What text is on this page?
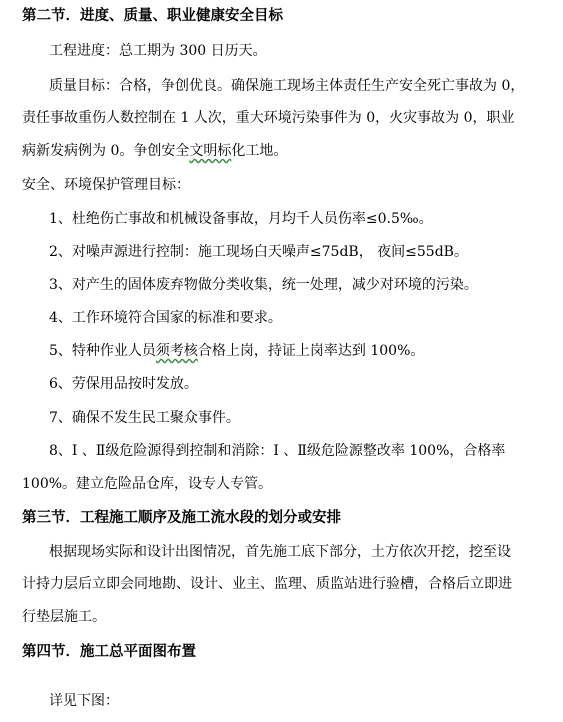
第二节．进度、质量、职业健康安全目标
工程进度：总工期为 300 日历天。
质量目标：合格，争创优良。确保施工现场主体责任生产安全死亡事故为 0，
责任事故重伤人数控制在 1 人次，重大环境污染事件为 0，火灾事故为 0，职业
病新发病例为 0。争创安全文明标化工地。
安全、环境保护管理目标：
1、杜绝伤亡事故和机械设备事故，月均千人员伤率≤0.5‰。
2、对噪声源进行控制：施工现场白天噪声≤75dB， 夜间≤55dB。
3、对产生的固体废弃物做分类收集，统一处理，减少对环境的污染。
4、工作环境符合国家的标准和要求。
5、特种作业人员须考核合格上岗，持证上岗率达到 100%。
6、劳保用品按时发放。
7、确保不发生民工聚众事件。
8、Ⅰ 、Ⅱ级危险源得到控制和消除：Ⅰ 、Ⅱ级危险源整改率 100%，合格率
100%。建立危险品仓库，设专人专管。
第三节．工程施工顺序及施工流水段的划分或安排
根据现场实际和设计出图情况，首先施工底下部分，土方依次开挖，挖至设
计持力层后立即会同地勘、设计、业主、监理、质监站进行验槽，合格后立即进
行垫层施工。
第四节．施工总平面图布置
详见下图：
